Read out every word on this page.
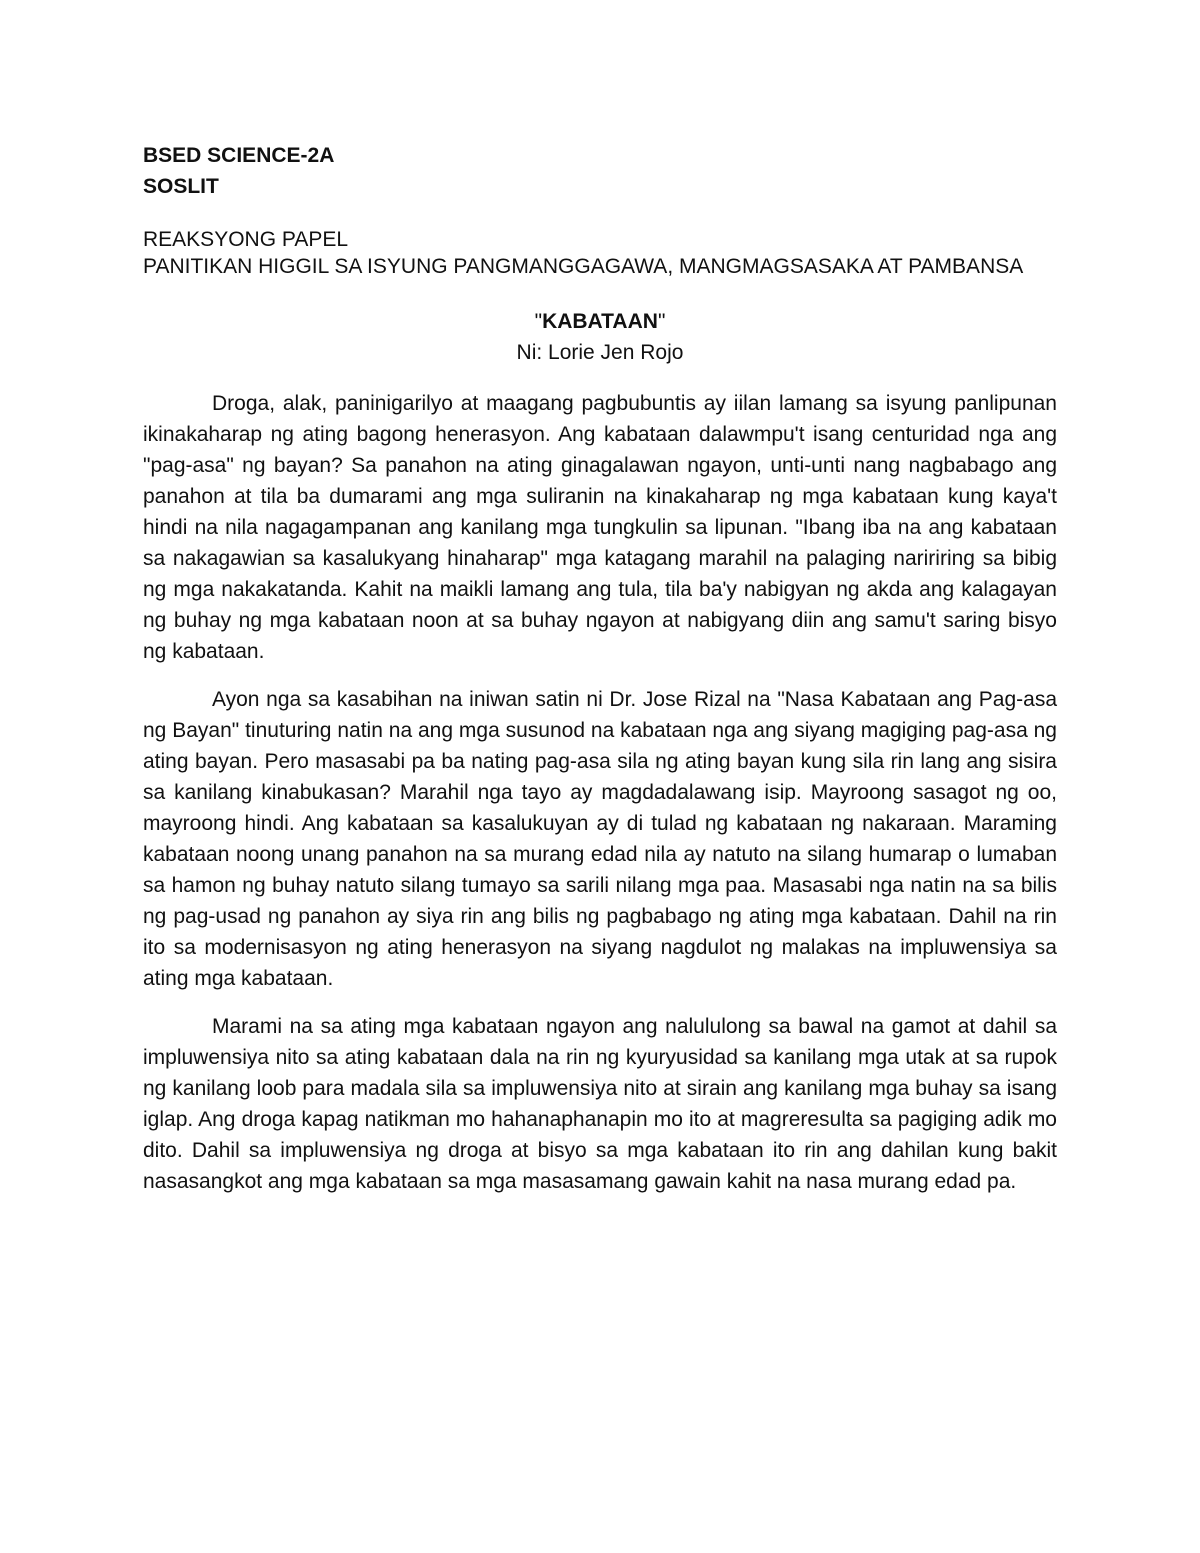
BSED SCIENCE-2A

SOSLIT

REAKSYONG PAPEL

PANITIKAN HIGGIL SA ISYUNG PANGMANGGAGAWA, MANGMAGSASAKA AT PAMBANSA

"KABATAAN"

Ni: Lorie Jen Rojo

Droga, alak, paninigarilyo at maagang pagbubuntis ay iilan lamang sa isyung panlipunan ikinakaharap ng ating bagong henerasyon. Ang kabataan dalawmpu't isang centuridad nga ang "pag-asa" ng bayan? Sa panahon na ating ginagalawan ngayon, unti-unti nang nagbabago ang panahon at tila ba dumarami ang mga suliranin na kinakaharap ng mga kabataan kung kaya't hindi na nila nagagampanan ang kanilang mga tungkulin sa lipunan. "Ibang iba na ang kabataan sa nakagawian sa kasalukyang hinaharap" mga katagang marahil na palaging naririring sa bibig ng mga nakakatanda. Kahit na maikli lamang ang tula, tila ba'y nabigyan ng akda ang kalagayan ng buhay ng mga kabataan noon at sa buhay ngayon at nabigyang diin ang samu't saring bisyo ng kabataan.

Ayon nga sa kasabihan na iniwan satin ni Dr. Jose Rizal na "Nasa Kabataan ang Pag-asa ng Bayan" tinuturing natin na ang mga susunod na kabataan nga ang siyang magiging pag-asa ng ating bayan. Pero masasabi pa ba nating pag-asa sila ng ating bayan kung sila rin lang ang sisira sa kanilang kinabukasan? Marahil nga tayo ay magdadalawang isip. Mayroong sasagot ng oo, mayroong hindi. Ang kabataan sa kasalukuyan ay di tulad ng kabataan ng nakaraan. Maraming kabataan noong unang panahon na sa murang edad nila ay natuto na silang humarap o lumaban sa hamon ng buhay natuto silang tumayo sa sarili nilang mga paa. Masasabi nga natin na sa bilis ng pag-usad ng panahon ay siya rin ang bilis ng pagbabago ng ating mga kabataan. Dahil na rin ito sa modernisasyon ng ating henerasyon na siyang nagdulot ng malakas na impluwensiya sa ating mga kabataan.

Marami na sa ating mga kabataan ngayon ang nalululong sa bawal na gamot at dahil sa impluwensiya nito sa ating kabataan dala na rin ng kyuryusidad sa kanilang mga utak at sa rupok ng kanilang loob para madala sila sa impluwensiya nito at sirain ang kanilang mga buhay sa isang iglap. Ang droga kapag natikman mo hahanaphanapin mo ito at magreresulta sa pagiging adik mo dito. Dahil sa impluwensiya ng droga at bisyo sa mga kabataan ito rin ang dahilan kung bakit nasasangkot ang mga kabataan sa mga masasamang gawain kahit na nasa murang edad pa.
